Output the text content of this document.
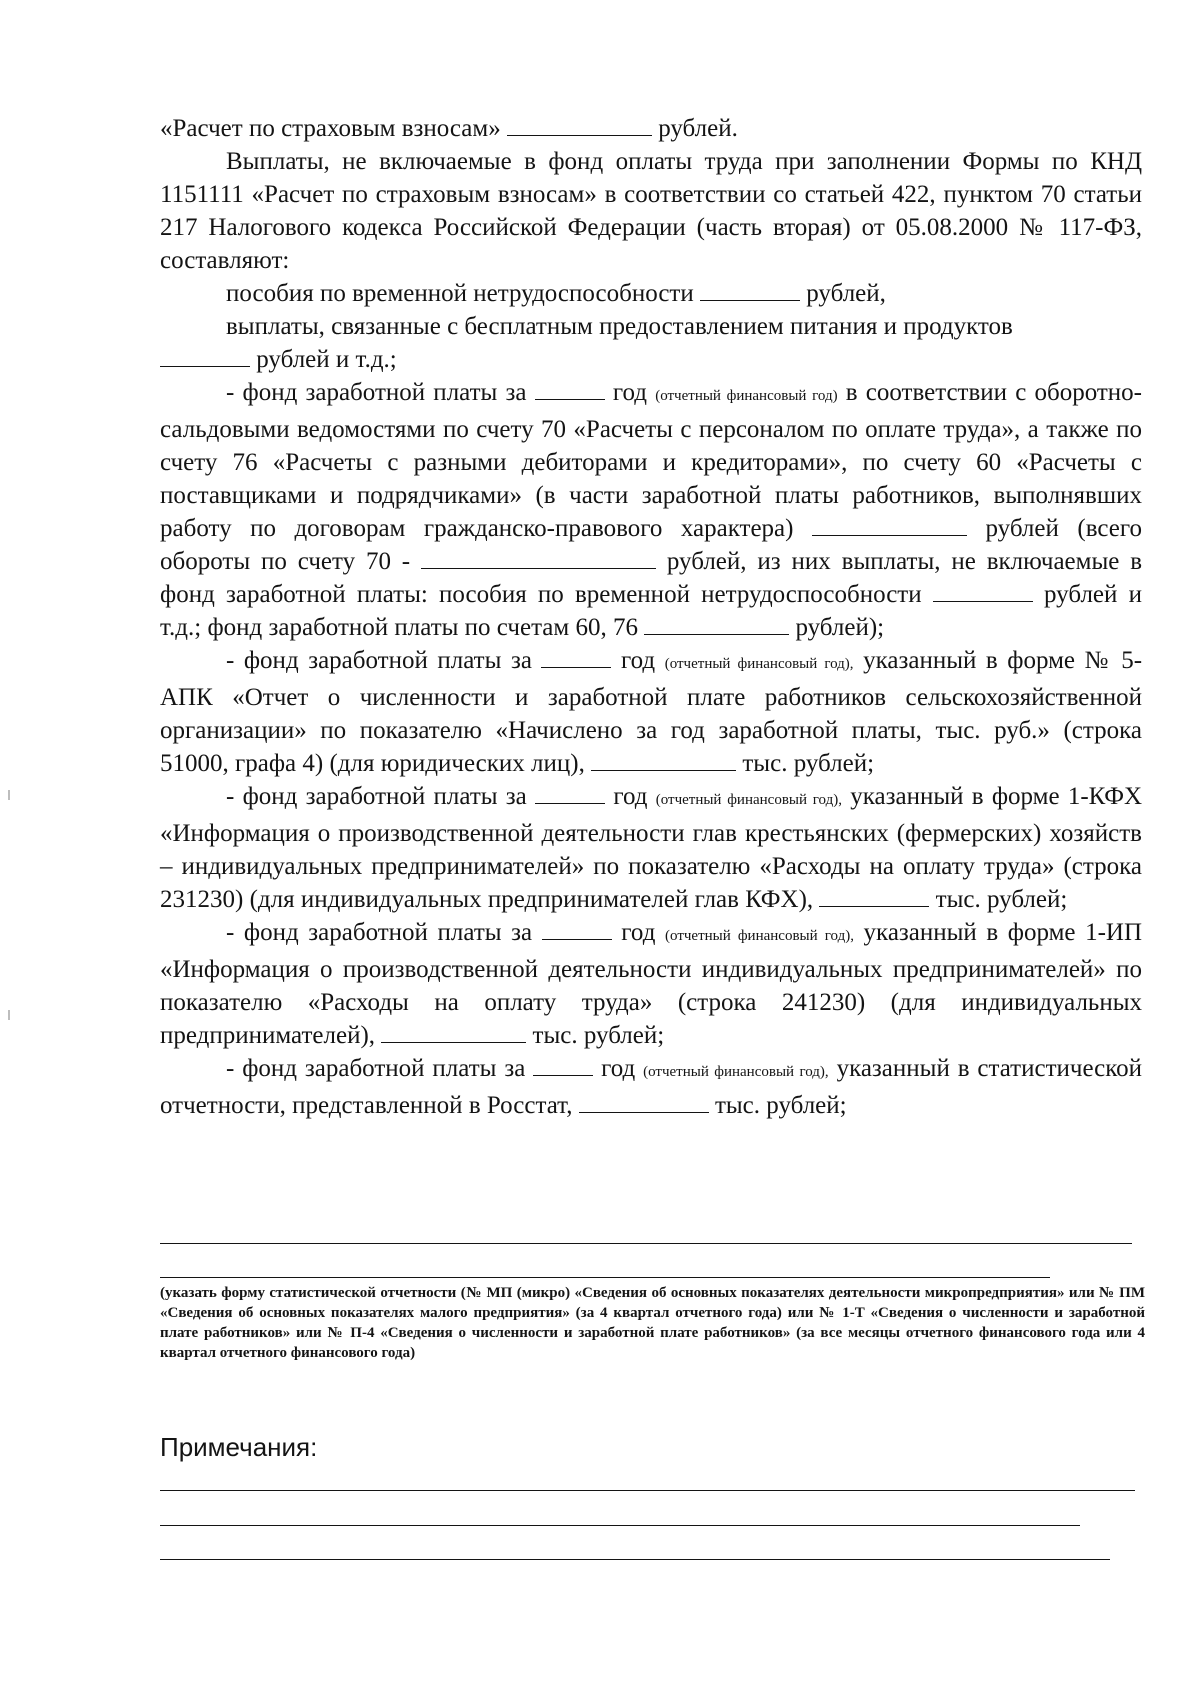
«Расчет по страховым взносам»	рублей.

Выплаты, не включаемые в фонд оплаты труда при заполнении Формы по КНД 1151111 «Расчет по страховым взносам» в соответствии со статьей 422, пунктом 70 статьи 217 Налогового кодекса Российской Федерации (часть вторая) от 05.08.2000 № 117-ФЗ, составляют:

пособия по временной нетрудоспособности	рублей,

выплаты, связанные с бесплатным предоставлением питания и продуктов
рублей и т.д.;

- фонд заработной платы за	год (отчетный финансовый год) в соответствии с оборотно-сальдовыми ведомостями по счету 70 «Расчеты с персоналом по оплате труда», а также по счету 76 «Расчеты с разными дебиторами и кредиторами», по счету 60 «Расчеты с поставщиками и подрядчиками» (в части заработной платы работников, выполнявших работу по договорам гражданско-правового характера)	рублей (всего обороты по счету 70 -	рублей, из них выплаты, не включаемые в фонд заработной платы: пособия по временной нетрудоспособности	рублей и т.д.; фонд заработной платы по счетам 60, 76	рублей);

- фонд заработной платы за	год (отчетный финансовый год), указанный в форме № 5-АПК «Отчет о численности и заработной плате работников сельскохозяйственной организации» по показателю «Начислено за год заработной платы, тыс. руб.» (строка 51000, графа 4) (для юридических лиц),	тыс. рублей;

- фонд заработной платы за	год (отчетный финансовый год), указанный в форме 1-КФХ «Информация о производственной деятельности глав крестьянских (фермерских) хозяйств – индивидуальных предпринимателей» по показателю «Расходы на оплату труда» (строка 231230) (для индивидуальных предпринимателей глав КФХ),	тыс. рублей;

- фонд заработной платы за	год (отчетный финансовый год), указанный в форме 1-ИП «Информация о производственной деятельности индивидуальных предпринимателей» по показателю «Расходы на оплату труда» (строка 241230) (для индивидуальных предпринимателей),	тыс. рублей;

- фонд заработной платы за	год (отчетный финансовый год), указанный в статистической отчетности, представленной в Росстат,	тыс. рублей;

(указать форму статистической отчетности (№ МП (микро) «Сведения об основных показателях деятельности микропредприятия» или № ПМ «Сведения об основных показателях малого предприятия» (за 4 квартал отчетного года) или № 1-Т «Сведения о численности и заработной плате работников» или № П-4 «Сведения о численности и заработной плате работников» (за все месяцы отчетного финансового года или 4 квартал отчетного финансового года)
Примечания:
